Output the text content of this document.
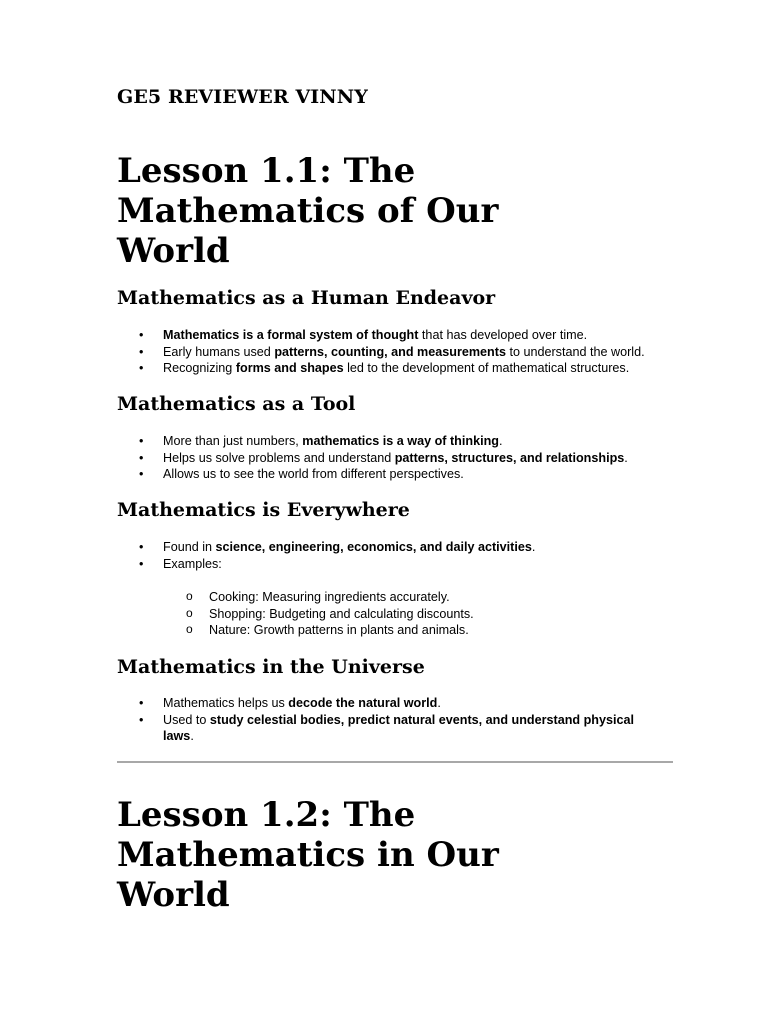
GE5 REVIEWER VINNY
Lesson 1.1: The Mathematics of Our World
Mathematics as a Human Endeavor
• Mathematics is a formal system of thought that has developed over time.
• Early humans used patterns, counting, and measurements to understand the world.
• Recognizing forms and shapes led to the development of mathematical structures.
Mathematics as a Tool
• More than just numbers, mathematics is a way of thinking.
• Helps us solve problems and understand patterns, structures, and relationships.
• Allows us to see the world from different perspectives.
Mathematics is Everywhere
• Found in science, engineering, economics, and daily activities.
• Examples:
o Cooking: Measuring ingredients accurately.
o Shopping: Budgeting and calculating discounts.
o Nature: Growth patterns in plants and animals.
Mathematics in the Universe
• Mathematics helps us decode the natural world.
• Used to study celestial bodies, predict natural events, and understand physical laws.
Lesson 1.2: The Mathematics in Our World
